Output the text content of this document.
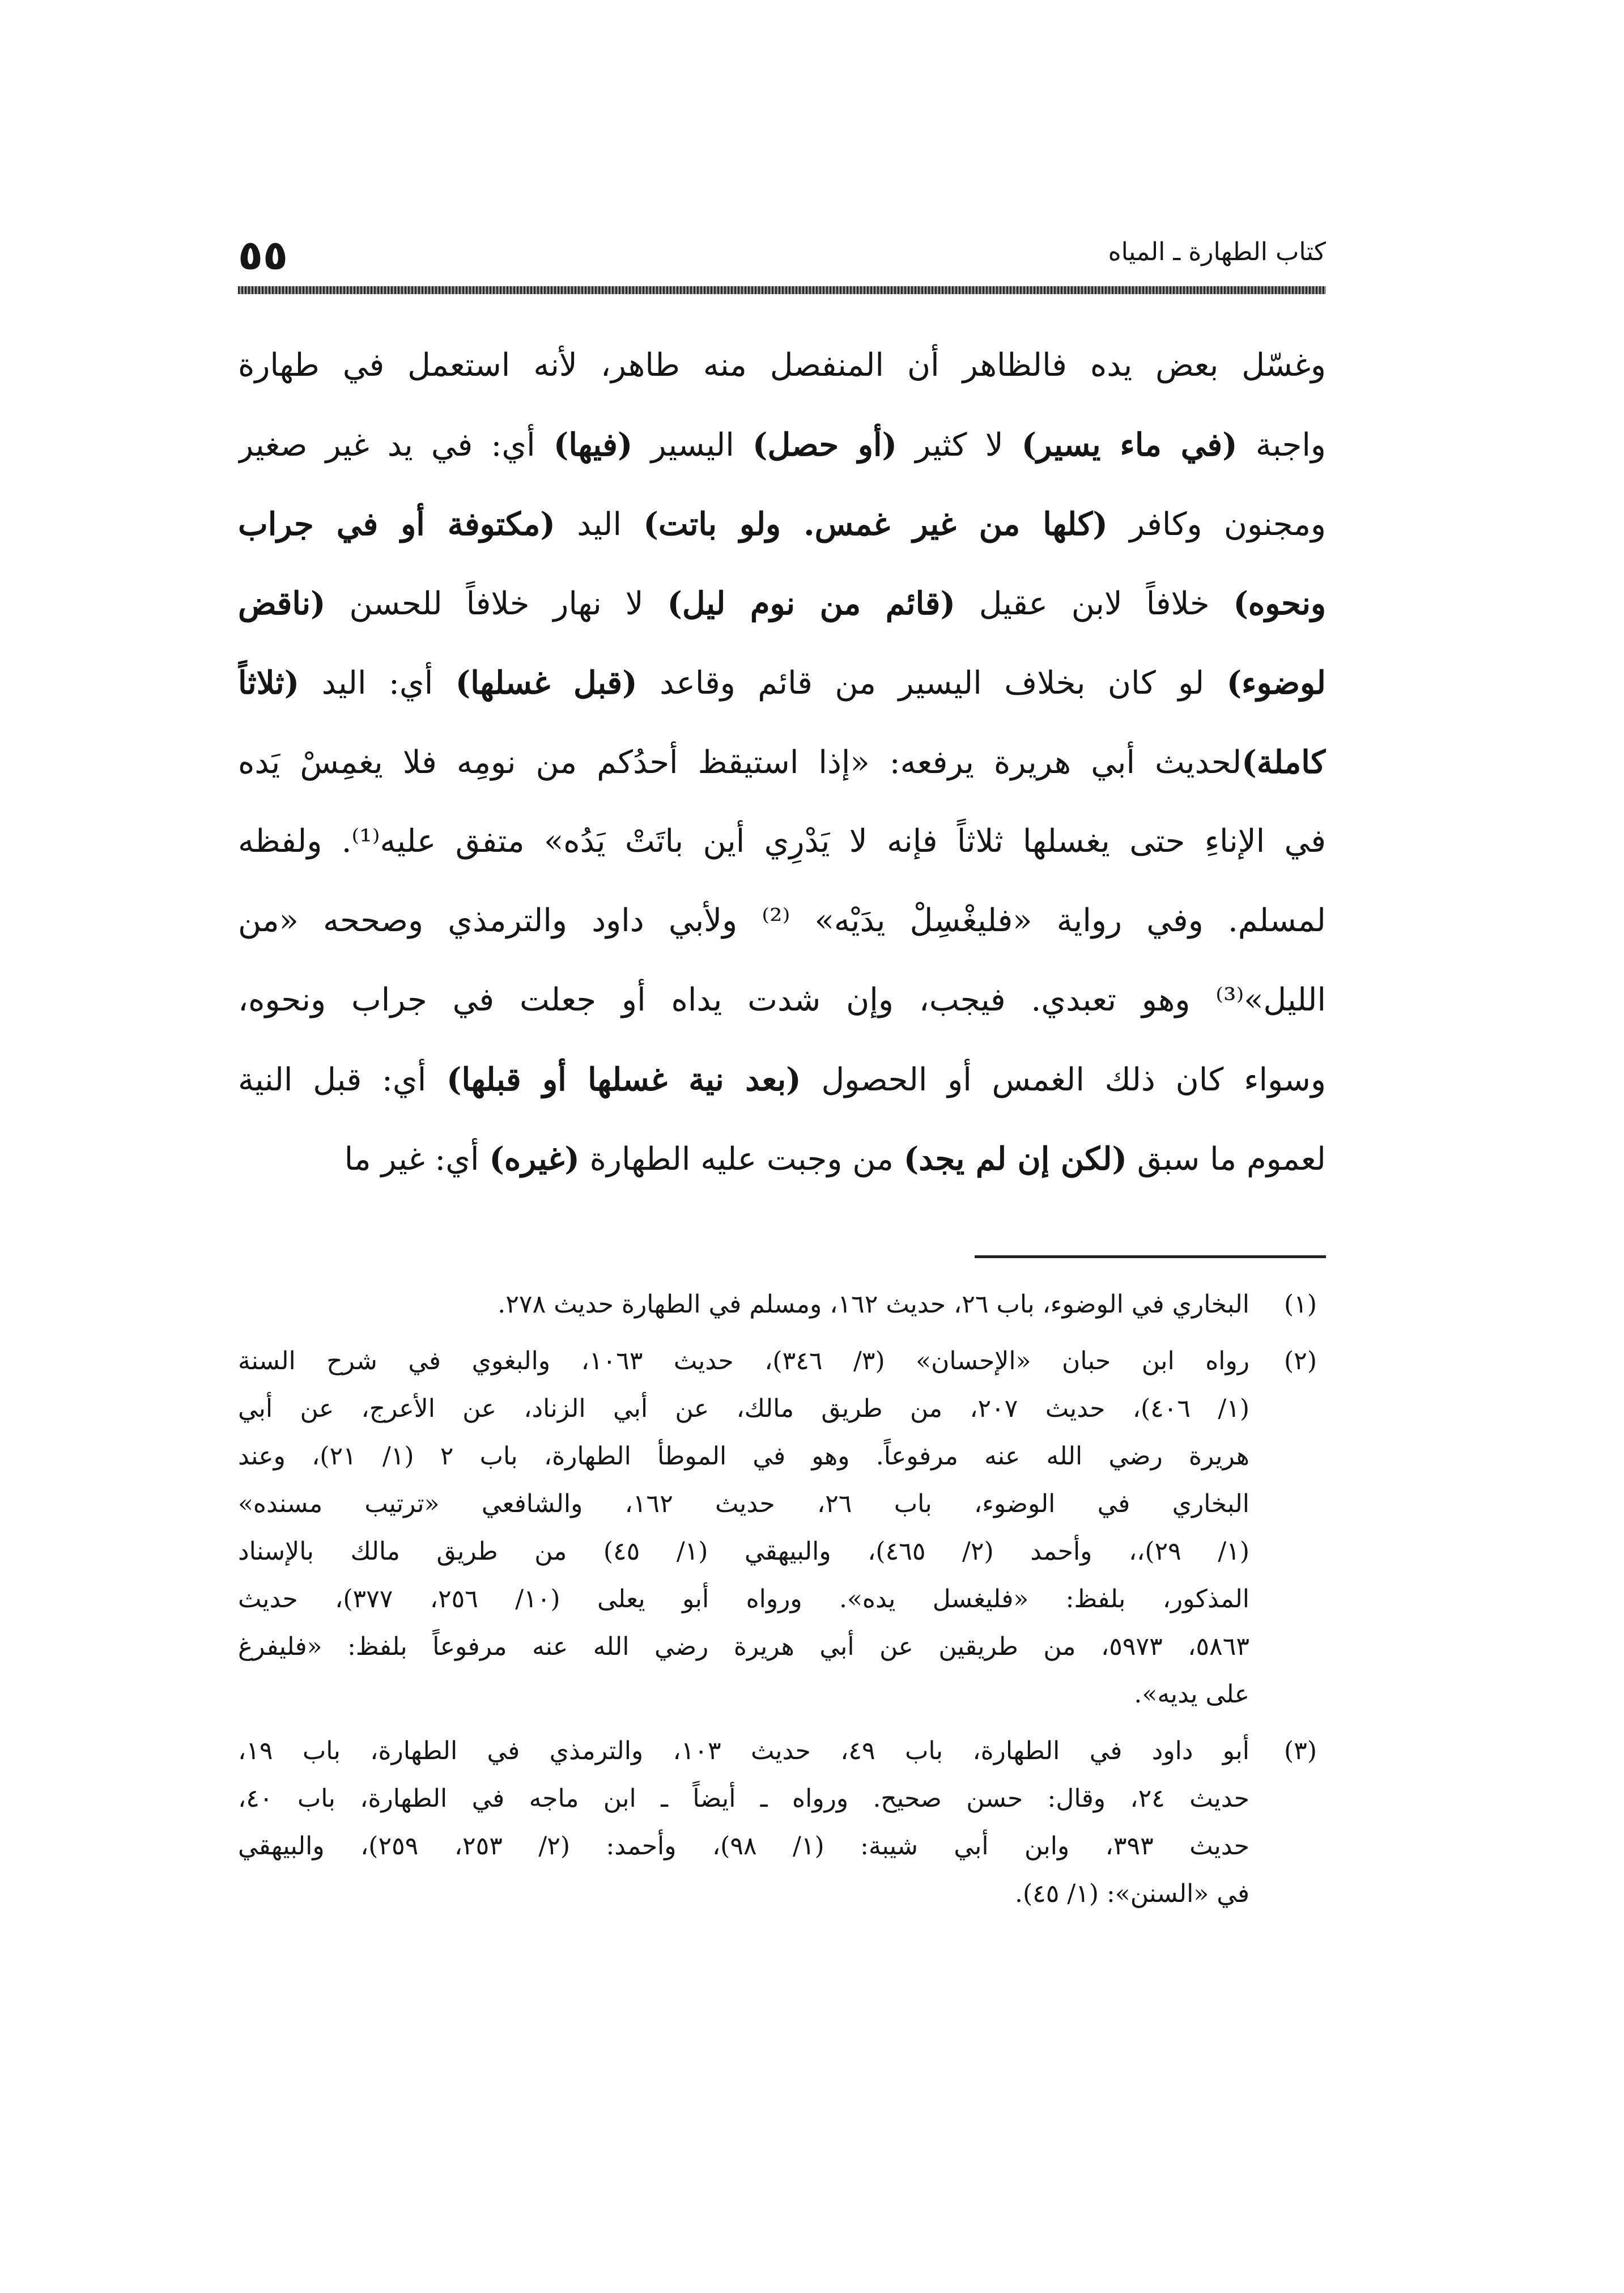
٥٥	كتاب الطهارة ـ المياه
وغسّل بعض يده فالظاهر أن المنفصل منه طاهر، لأنه استعمل في طهارة
واجبة (في ماء يسير) لا كثير (أو حصل) اليسير (فيها) أي: في يد غير صغير
ومجنون وكافر (كلها من غير غمس. ولو باتت) اليد (مكتوفة أو في جراب
ونحوه) خلافاً لابن عقيل (قائم من نوم ليل) لا نهار خلافاً للحسن (ناقض
لوضوء) لو كان بخلاف اليسير من قائم وقاعد (قبل غسلها) أي: اليد (ثلاثاً
كاملة)لحديث أبي هريرة يرفعه: «إذا استيقظ أحدُكم من نومِه فلا يغمِسْ يَده
في الإناءِ حتى يغسلها ثلاثاً فإنه لا يَدْرِي أين باتَتْ يَدُه» متفق عليه⁽¹⁾. ولفظه
لمسلم. وفي رواية «فليغْسِلْ يدَيْه» ⁽²⁾ ولأبي داود والترمذي وصححه «من
الليل»⁽³⁾ وهو تعبدي. فيجب، وإن شدت يداه أو جعلت في جراب ونحوه،
وسواء كان ذلك الغمس أو الحصول (بعد نية غسلها أو قبلها) أي: قبل النية
لعموم ما سبق (لكن إن لم يجد) من وجبت عليه الطهارة (غيره) أي: غير ما
(١)
البخاري في الوضوء، باب ٢٦، حديث ١٦٢، ومسلم في الطهارة حديث ٢٧٨.
(٢)
رواه ابن حبان «الإحسان» (٣/ ٣٤٦)، حديث ١٠٦٣، والبغوي في شرح السنة
(١/ ٤٠٦)، حديث ٢٠٧، من طريق مالك، عن أبي الزناد، عن الأعرج، عن أبي
هريرة رضي الله عنه مرفوعاً. وهو في الموطأ الطهارة، باب ٢ (١/ ٢١)، وعند
البخاري في الوضوء، باب ٢٦، حديث ١٦٢، والشافعي «ترتيب مسنده»
(١/ ٢٩)،، وأحمد (٢/ ٤٦٥)، والبيهقي (١/ ٤٥) من طريق مالك بالإسناد
المذكور، بلفظ: «فليغسل يده». ورواه أبو يعلى (١٠/ ٢٥٦، ٣٧٧)، حديث
٥٨٦٣، ٥٩٧٣، من طريقين عن أبي هريرة رضي الله عنه مرفوعاً بلفظ: «فليفرغ
على يديه».
(٣)
أبو داود في الطهارة، باب ٤٩، حديث ١٠٣، والترمذي في الطهارة، باب ١٩،
حديث ٢٤، وقال: حسن صحيح. ورواه ـ أيضاً ـ ابن ماجه في الطهارة، باب ٤٠،
حديث ٣٩٣، وابن أبي شيبة: (١/ ٩٨)، وأحمد: (٢/ ٢٥٣، ٢٥٩)، والبيهقي
في «السنن»: (١/ ٤٥).
